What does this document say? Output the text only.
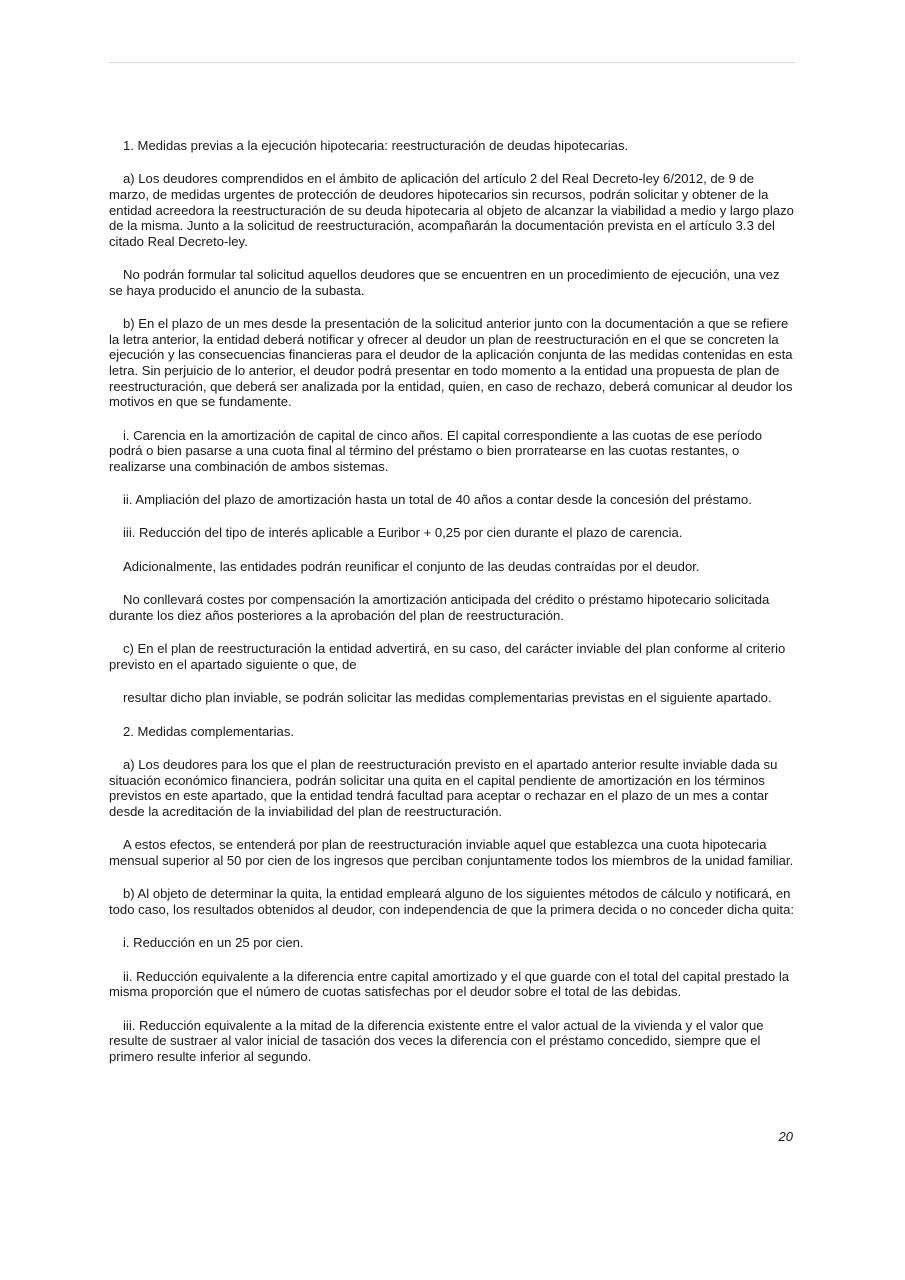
1. Medidas previas a la ejecución hipotecaria: reestructuración de deudas hipotecarias.

a) Los deudores comprendidos en el ámbito de aplicación del artículo 2 del Real Decreto-ley 6/2012, de 9 de marzo, de medidas urgentes de protección de deudores hipotecarios sin recursos, podrán solicitar y obtener de la entidad acreedora la reestructuración de su deuda hipotecaria al objeto de alcanzar la viabilidad a medio y largo plazo de la misma. Junto a la solicitud de reestructuración, acompañarán la documentación prevista en el artículo 3.3 del citado Real Decreto-ley.

No podrán formular tal solicitud aquellos deudores que se encuentren en un procedimiento de ejecución, una vez se haya producido el anuncio de la subasta.

b) En el plazo de un mes desde la presentación de la solicitud anterior junto con la documentación a que se refiere la letra anterior, la entidad deberá notificar y ofrecer al deudor un plan de reestructuración en el que se concreten la ejecución y las consecuencias financieras para el deudor de la aplicación conjunta de las medidas contenidas en esta letra. Sin perjuicio de lo anterior, el deudor podrá presentar en todo momento a la entidad una propuesta de plan de reestructuración, que deberá ser analizada por la entidad, quien, en caso de rechazo, deberá comunicar al deudor los motivos en que se fundamente.

i. Carencia en la amortización de capital de cinco años. El capital correspondiente a las cuotas de ese período podrá o bien pasarse a una cuota final al término del préstamo o bien prorratearse en las cuotas restantes, o realizarse una combinación de ambos sistemas.

ii. Ampliación del plazo de amortización hasta un total de 40 años a contar desde la concesión del préstamo.

iii. Reducción del tipo de interés aplicable a Euribor + 0,25 por cien durante el plazo de carencia.

Adicionalmente, las entidades podrán reunificar el conjunto de las deudas contraídas por el deudor.

No conllevará costes por compensación la amortización anticipada del crédito o préstamo hipotecario solicitada durante los diez años posteriores a la aprobación del plan de reestructuración.

c) En el plan de reestructuración la entidad advertirá, en su caso, del carácter inviable del plan conforme al criterio previsto en el apartado siguiente o que, de

resultar dicho plan inviable, se podrán solicitar las medidas complementarias previstas en el siguiente apartado.

2. Medidas complementarias.

a) Los deudores para los que el plan de reestructuración previsto en el apartado anterior resulte inviable dada su situación económico financiera, podrán solicitar una quita en el capital pendiente de amortización en los términos previstos en este apartado, que la entidad tendrá facultad para aceptar o rechazar en el plazo de un mes a contar desde la acreditación de la inviabilidad del plan de reestructuración.

A estos efectos, se entenderá por plan de reestructuración inviable aquel que establezca una cuota hipotecaria mensual superior al 50 por cien de los ingresos que perciban conjuntamente todos los miembros de la unidad familiar.

b) Al objeto de determinar la quita, la entidad empleará alguno de los siguientes métodos de cálculo y notificará, en todo caso, los resultados obtenidos al deudor, con independencia de que la primera decida o no conceder dicha quita:

i. Reducción en un 25 por cien.

ii. Reducción equivalente a la diferencia entre capital amortizado y el que guarde con el total del capital prestado la misma proporción que el número de cuotas satisfechas por el deudor sobre el total de las debidas.

iii. Reducción equivalente a la mitad de la diferencia existente entre el valor actual de la vivienda y el valor que resulte de sustraer al valor inicial de tasación dos veces la diferencia con el préstamo concedido, siempre que el primero resulte inferior al segundo.

20
